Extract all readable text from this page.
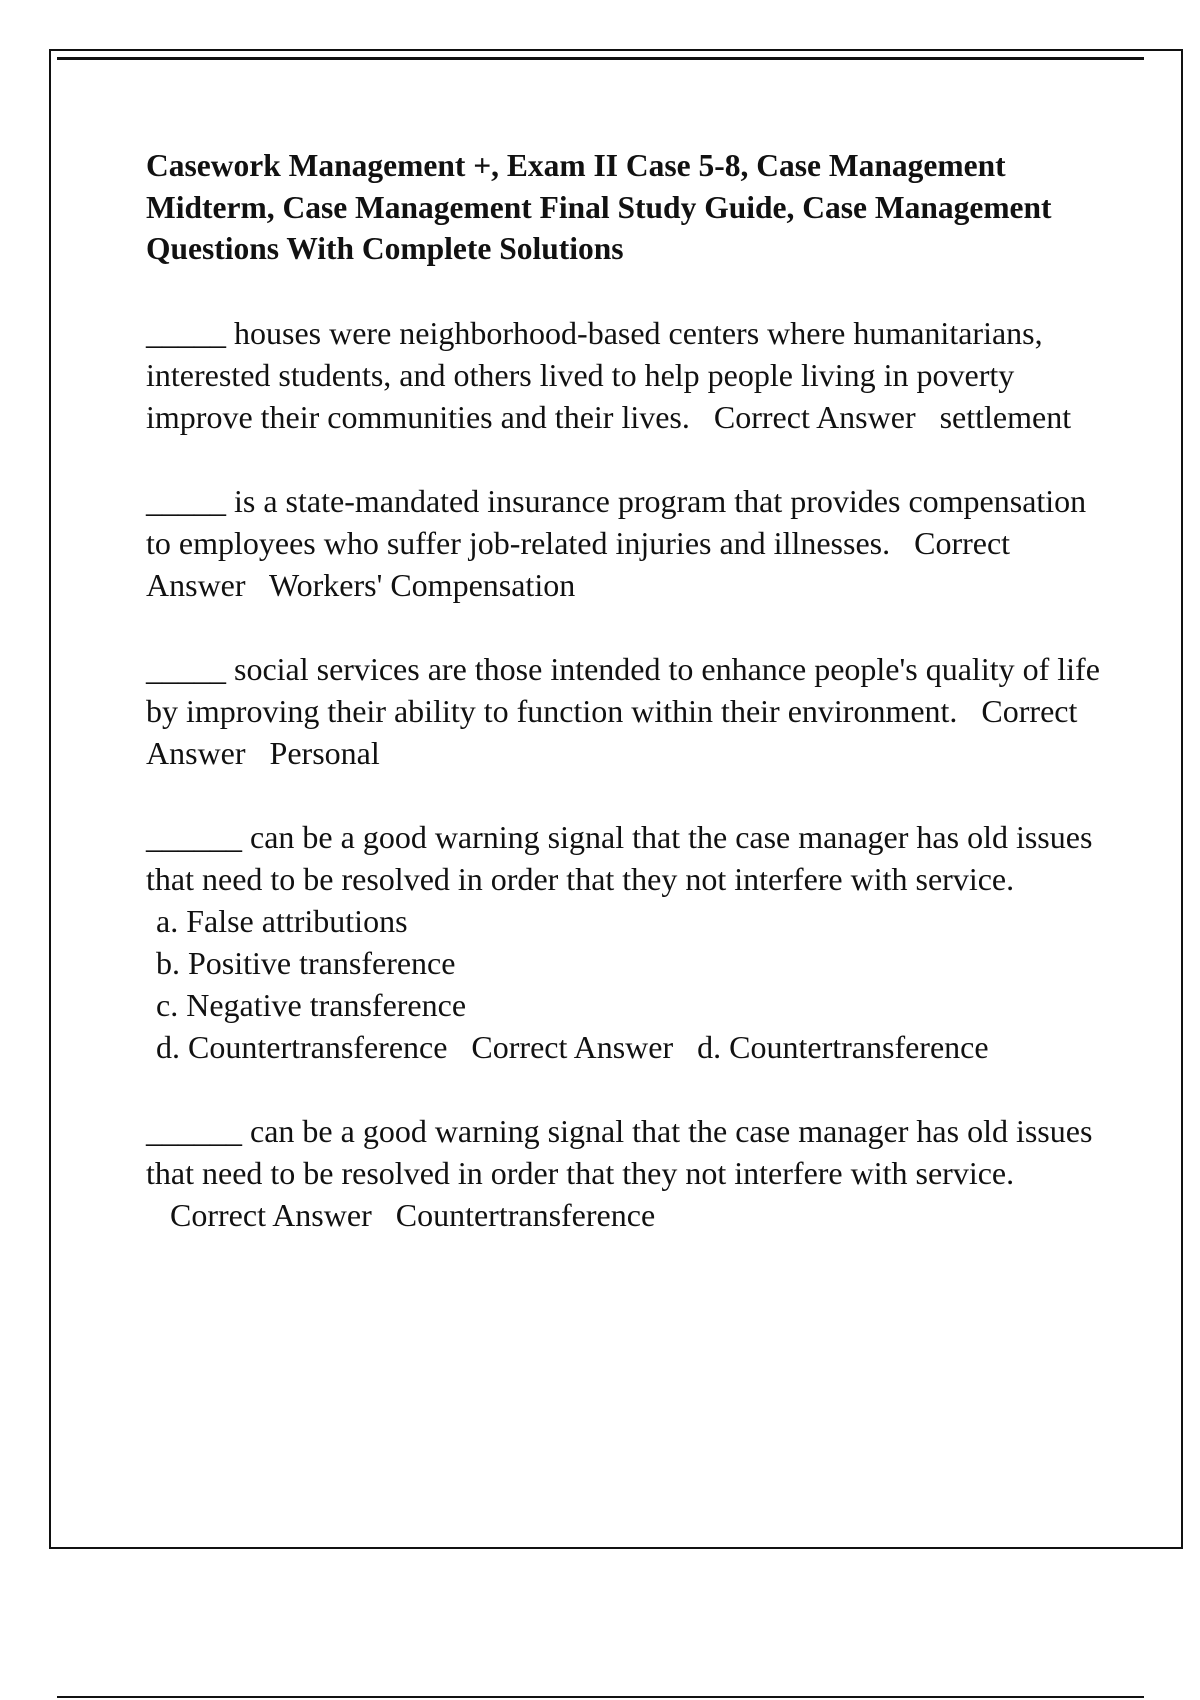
Casework Management +, Exam II Case 5-8, Case Management Midterm, Case Management Final Study Guide, Case Management Questions With Complete Solutions

_____ houses were neighborhood-based centers where humanitarians, interested students, and others lived to help people living in poverty improve their communities and their lives. Correct Answer settlement

_____ is a state-mandated insurance program that provides compensation to employees who suffer job-related injuries and illnesses. Correct Answer Workers' Compensation

_____ social services are those intended to enhance people's quality of life by improving their ability to function within their environment. Correct Answer Personal

______ can be a good warning signal that the case manager has old issues that need to be resolved in order that they not interfere with service.
a. False attributions
b. Positive transference
c. Negative transference
d. Countertransference Correct Answer d. Countertransference

______ can be a good warning signal that the case manager has old issues that need to be resolved in order that they not interfere with service.   Correct Answer Countertransference
